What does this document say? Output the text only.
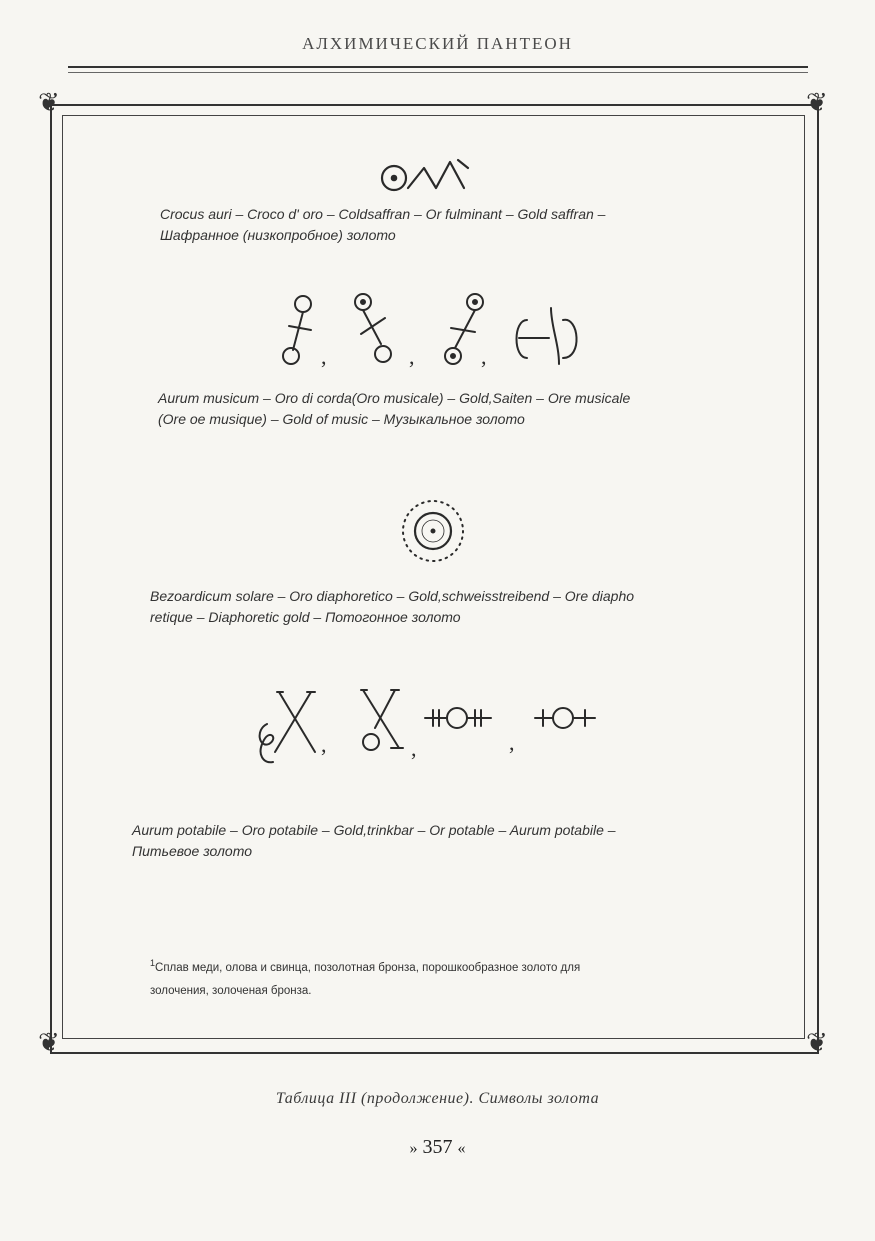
АЛХИМИЧЕСКИЙ ПАНТЕОН
❦	❦
❦	❦

Crocus auri – Croco d' oro – Coldsaffran – Or fulminant – Gold saffran –

Шафранное (низкопробное) золото

,	,	,

Aurum musicum – Oro di corda(Oro musicale) – Gold,Saiten – Ore musicale

(Ore oe musique) – Gold of music – Музыкальное золото

Bezoardicum solare – Oro diaphoretico – Gold,schweisstreibend – Ore diapho

retique – Diaphoretic gold – Потогонное золото

,	,	,

Aurum potabile – Oro potabile – Gold,trinkbar – Or potable – Aurum potabile –

Питьевое золото

$^1$Сплав меди, олова и свинца, позолотная бронза, порошкообразное золото для
золочения, золоченая бронза.
Таблица III (продолжение). Символы золота
» 357 «
